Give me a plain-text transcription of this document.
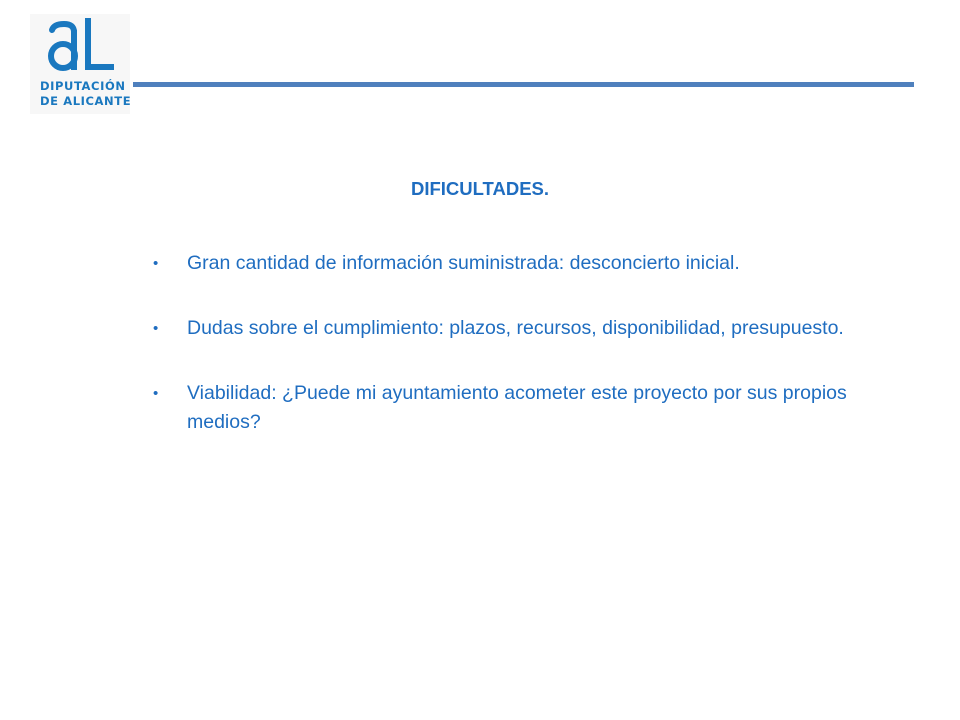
DIPUTACIÓN
DE ALICANTE
DIFICULTADES.
• Gran cantidad de información suministrada: desconcierto inicial.
• Dudas sobre el cumplimiento: plazos, recursos, disponibilidad, presupuesto.
• Viabilidad: ¿Puede mi ayuntamiento acometer este proyecto por sus propios medios?
